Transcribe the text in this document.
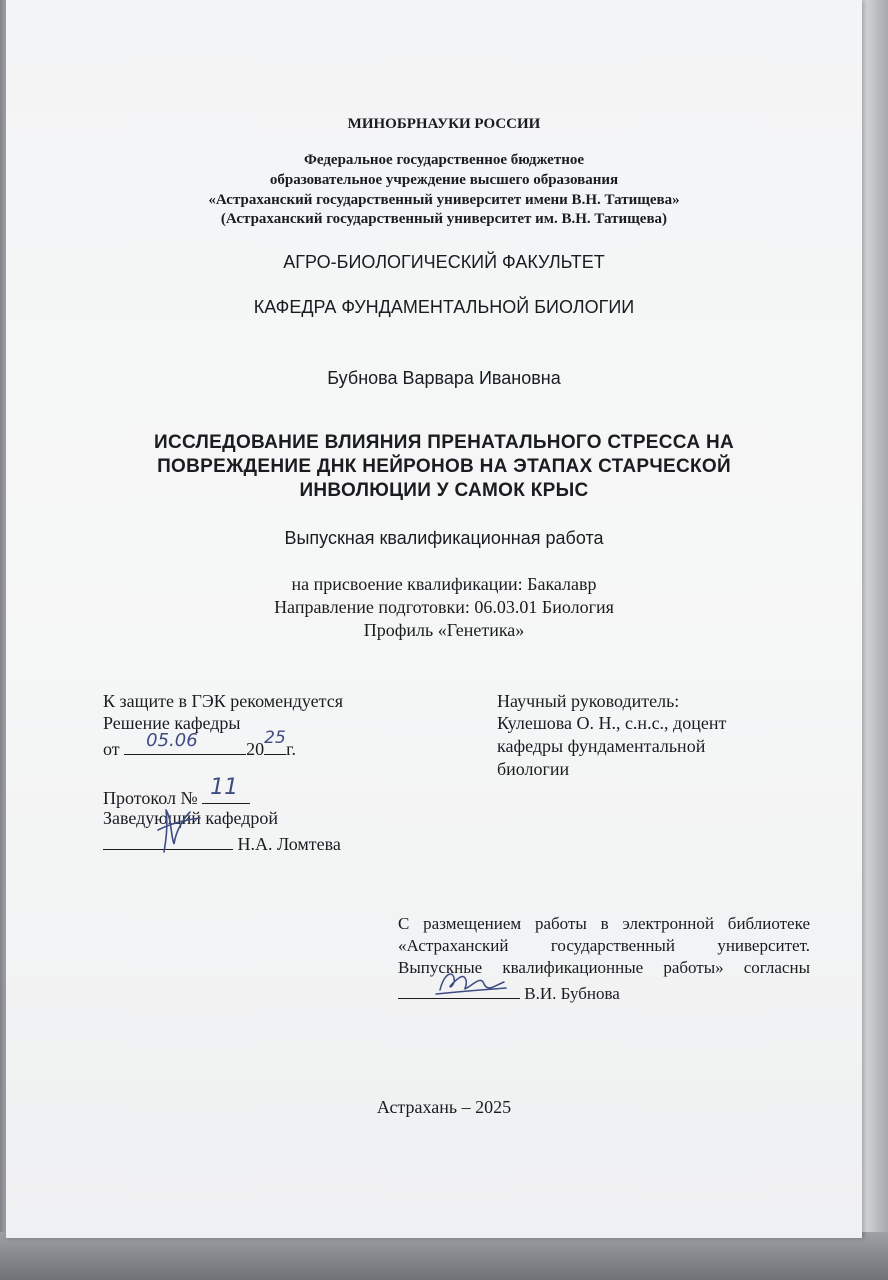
МИНОБРНАУКИ РОССИИ
Федеральное государственное бюджетное
образовательное учреждение высшего образования
«Астраханский государственный университет имени В.Н. Татищева»
(Астраханский государственный университет им. В.Н. Татищева)
АГРО-БИОЛОГИЧЕСКИЙ ФАКУЛЬТЕТ
КАФЕДРА ФУНДАМЕНТАЛЬНОЙ БИОЛОГИИ
Бубнова Варвара Ивановна
ИССЛЕДОВАНИЕ ВЛИЯНИЯ ПРЕНАТАЛЬНОГО СТРЕССА НА
ПОВРЕЖДЕНИЕ ДНК НЕЙРОНОВ НА ЭТАПАХ СТАРЧЕСКОЙ
ИНВОЛЮЦИИ У САМОК КРЫС
Выпускная квалификационная работа
на присвоение квалификации: Бакалавр
Направление подготовки: 06.03.01 Биология
Профиль «Генетика»
К защите в ГЭК рекомендуется
Решение кафедры
от 05.06	20
25
г.
Протокол № 11
Заведующий кафедрой
Н.А. Ломтева
Научный руководитель:
Кулешова О. Н., с.н.с., доцент
кафедры фундаментальной
биологии
С размещением работы в электронной библиотеке
«Астраханский государственный университет.
Выпускные квалификационные работы» согласны
В.И. Бубнова
Астрахань – 2025
